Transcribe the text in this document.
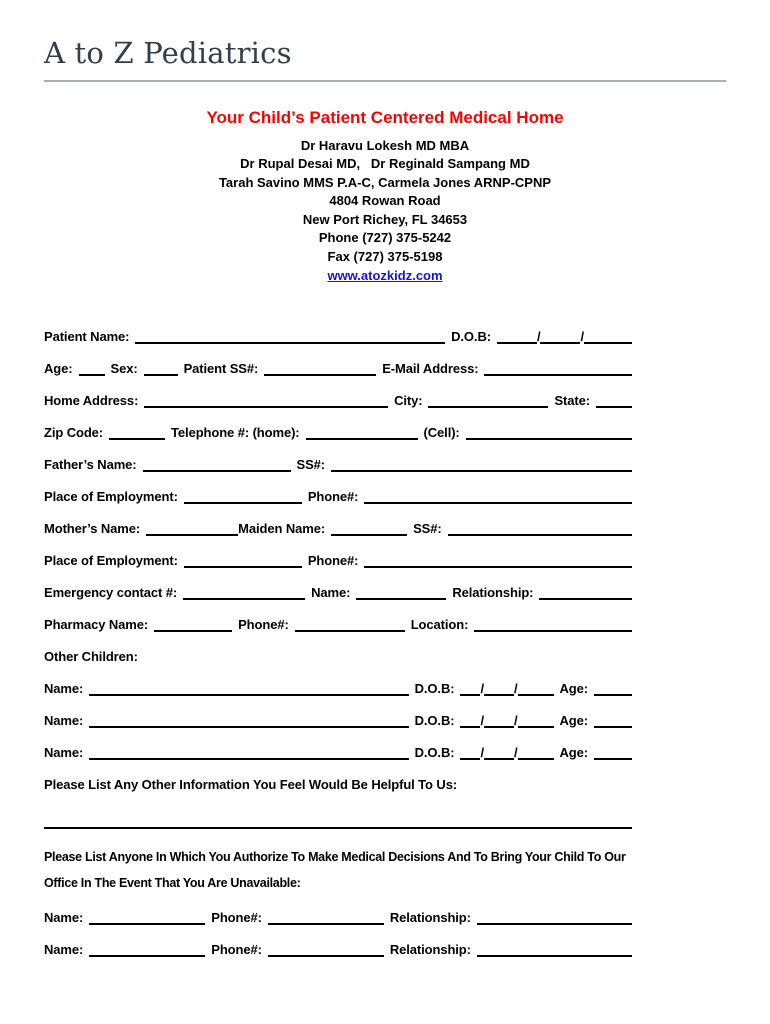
A to Z Pediatrics
Your Child’s Patient Centered Medical Home
Dr Haravu Lokesh MD MBA
Dr Rupal Desai MD,   Dr Reginald Sampang MD
Tarah Savino MMS P.A-C, Carmela Jones ARNP-CPNP
4804 Rowan Road
New Port Richey, FL 34653
Phone (727) 375-5242
Fax (727) 375-5198
www.atozkidz.com
Patient Name:	D.O.B:	/	/
Age:	Sex:	Patient SS#:	E-Mail Address:
Home Address:	City:	State:
Zip Code:	Telephone #: (home):	(Cell):
Father’s Name:	SS#:
Place of Employment:	Phone#:
Mother’s Name:	Maiden Name:	SS#:
Place of Employment:	Phone#:
Emergency contact #:	Name:	Relationship:
Pharmacy Name:	Phone#:	Location:
Other Children:
Name:	D.O.B: / /	Age:
Name:	D.O.B: / /	Age:
Name:	D.O.B: / /	Age:
Please List Any Other Information You Feel Would Be Helpful To Us:

Please List Anyone In Which You Authorize To Make Medical Decisions And To Bring Your Child To Our Office In The Event That You Are Unavailable:

Name:	Phone#:	Relationship:
Name:	Phone#:	Relationship:
